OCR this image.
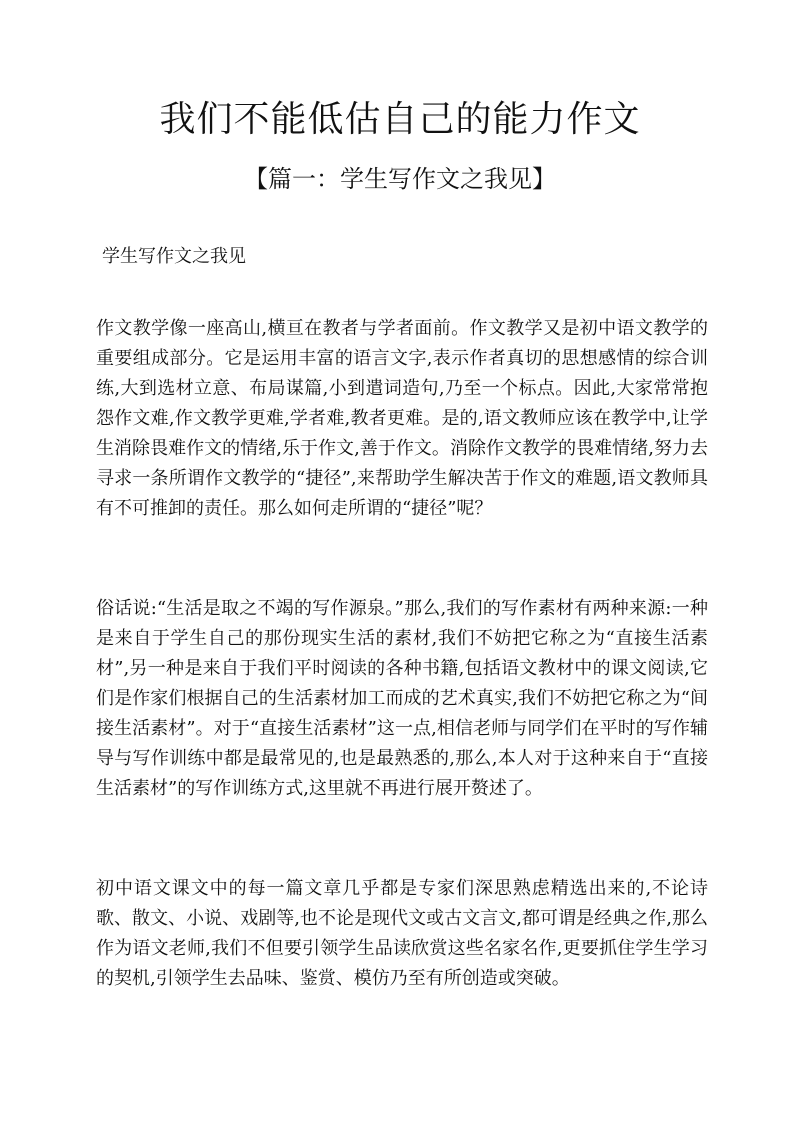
我们不能低估自己的能力作文
【篇一：学生写作文之我见】
学生写作文之我见

作文教学像一座高山,横亘在教者与学者面前。作文教学又是初中语文教学的重要组成部分。它是运用丰富的语言文字,表示作者真切的思想感情的综合训练,大到选材立意、布局谋篇,小到遣词造句,乃至一个标点。因此,大家常常抱怨作文难,作文教学更难,学者难,教者更难。是的,语文教师应该在教学中,让学生消除畏难作文的情绪,乐于作文,善于作文。消除作文教学的畏难情绪,努力去寻求一条所谓作文教学的“捷径”,来帮助学生解决苦于作文的难题,语文教师具有不可推卸的责任。那么如何走所谓的“捷径”呢？

俗话说:“生活是取之不竭的写作源泉。”那么,我们的写作素材有两种来源:一种是来自于学生自己的那份现实生活的素材,我们不妨把它称之为“直接生活素材”,另一种是来自于我们平时阅读的各种书籍,包括语文教材中的课文阅读,它们是作家们根据自己的生活素材加工而成的艺术真实,我们不妨把它称之为“间接生活素材”。对于“直接生活素材”这一点,相信老师与同学们在平时的写作辅导与写作训练中都是最常见的,也是最熟悉的,那么,本人对于这种来自于“直接生活素材”的写作训练方式,这里就不再进行展开赘述了。

初中语文课文中的每一篇文章几乎都是专家们深思熟虑精选出来的,不论诗歌、散文、小说、戏剧等,也不论是现代文或古文言文,都可谓是经典之作,那么作为语文老师,我们不但要引领学生品读欣赏这些名家名作,更要抓住学生学习的契机,引领学生去品味、鉴赏、模仿乃至有所创造或突破。
